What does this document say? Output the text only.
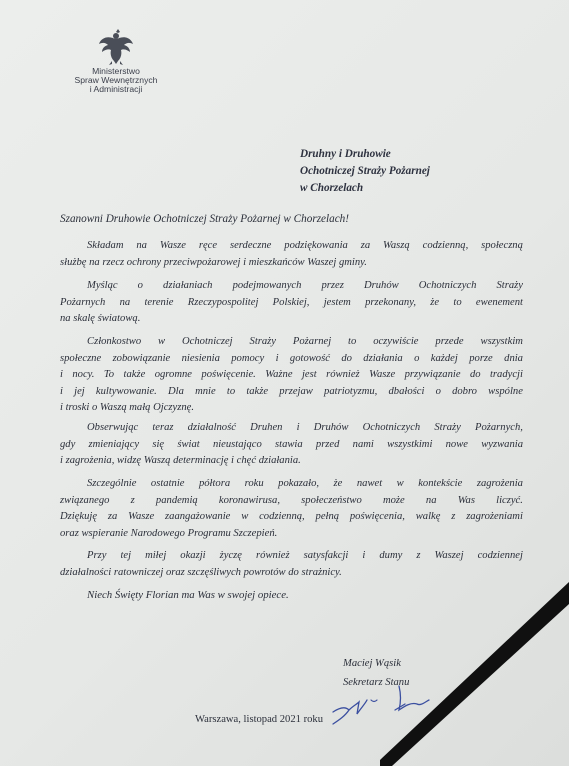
Ministerstwo
Spraw Wewnętrznych
i Administracji
Druhny i Druhowie
Ochotniczej Straży Pożarnej
w Chorzelach
Szanowni Druhowie Ochotniczej Straży Pożarnej w Chorzelach!
Składam na Wasze ręce serdeczne podziękowania za Waszą codzienną, społeczną
służbę na rzecz ochrony przeciwpożarowej i mieszkańców Waszej gminy.
Myśląc o działaniach podejmowanych przez Druhów Ochotniczych Straży
Pożarnych na terenie Rzeczypospolitej Polskiej, jestem przekonany, że to ewenement
na skalę światową.
Członkostwo w Ochotniczej Straży Pożarnej to oczywiście przede wszystkim
społeczne zobowiązanie niesienia pomocy i gotowość do działania o każdej porze dnia
i nocy. To także ogromne poświęcenie. Ważne jest również Wasze przywiązanie do tradycji
i jej kultywowanie. Dla mnie to także przejaw patriotyzmu, dbałości o dobro wspólne
i troski o Waszą małą Ojczyznę.
Obserwując teraz działalność Druhen i Druhów Ochotniczych Straży Pożarnych,
gdy zmieniający się świat nieustająco stawia przed nami wszystkimi nowe wyzwania
i zagrożenia, widzę Waszą determinację i chęć działania.
Szczególnie ostatnie półtora roku pokazało, że nawet w kontekście zagrożenia
związanego z pandemią koronawirusa, społeczeństwo może na Was liczyć.
Dziękuję za Wasze zaangażowanie w codzienną, pełną poświęcenia, walkę z zagrożeniami
oraz wspieranie Narodowego Programu Szczepień.
Przy tej miłej okazji życzę również satysfakcji i dumy z Waszej codziennej
działalności ratowniczej oraz szczęśliwych powrotów do strażnicy.
Niech Święty Florian ma Was w swojej opiece.
Maciej Wąsik
Sekretarz Stanu
Warszawa, listopad 2021 roku
